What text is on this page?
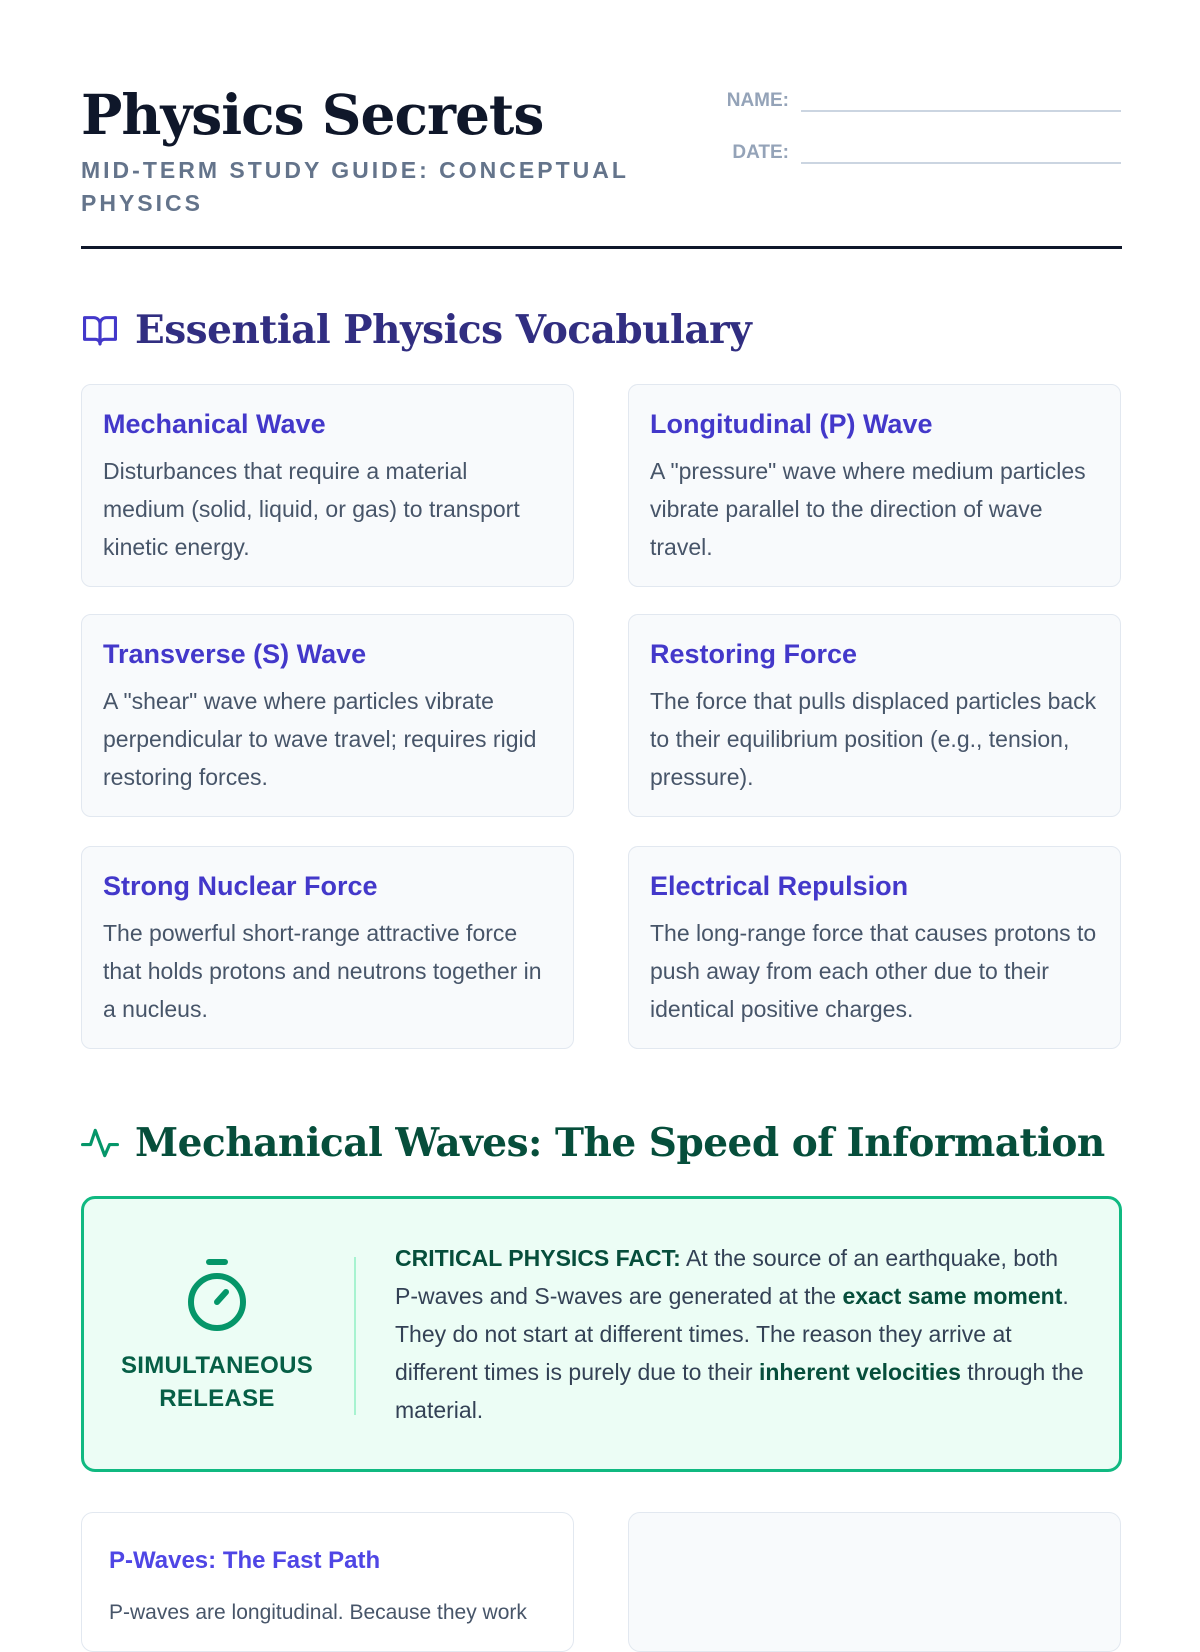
Physics Secrets
MID-TERM STUDY GUIDE: CONCEPTUAL PHYSICS
NAME:
DATE:
Essential Physics Vocabulary
Mechanical Wave
Disturbances that require a material medium (solid, liquid, or gas) to transport kinetic energy.
Longitudinal (P) Wave
A "pressure" wave where medium particles vibrate parallel to the direction of wave travel.
Transverse (S) Wave
A "shear" wave where particles vibrate perpendicular to wave travel; requires rigid restoring forces.
Restoring Force
The force that pulls displaced particles back to their equilibrium position (e.g., tension, pressure).
Strong Nuclear Force
The powerful short-range attractive force that holds protons and neutrons together in a nucleus.
Electrical Repulsion
The long-range force that causes protons to push away from each other due to their identical positive charges.
Mechanical Waves: The Speed of Information
SIMULTANEOUS RELEASE
CRITICAL PHYSICS FACT: At the source of an earthquake, both P-waves and S-waves are generated at the exact same moment. They do not start at different times. The reason they arrive at different times is purely due to their inherent velocities through the material.
P-Waves: The Fast Path
P-waves are longitudinal. Because they work
